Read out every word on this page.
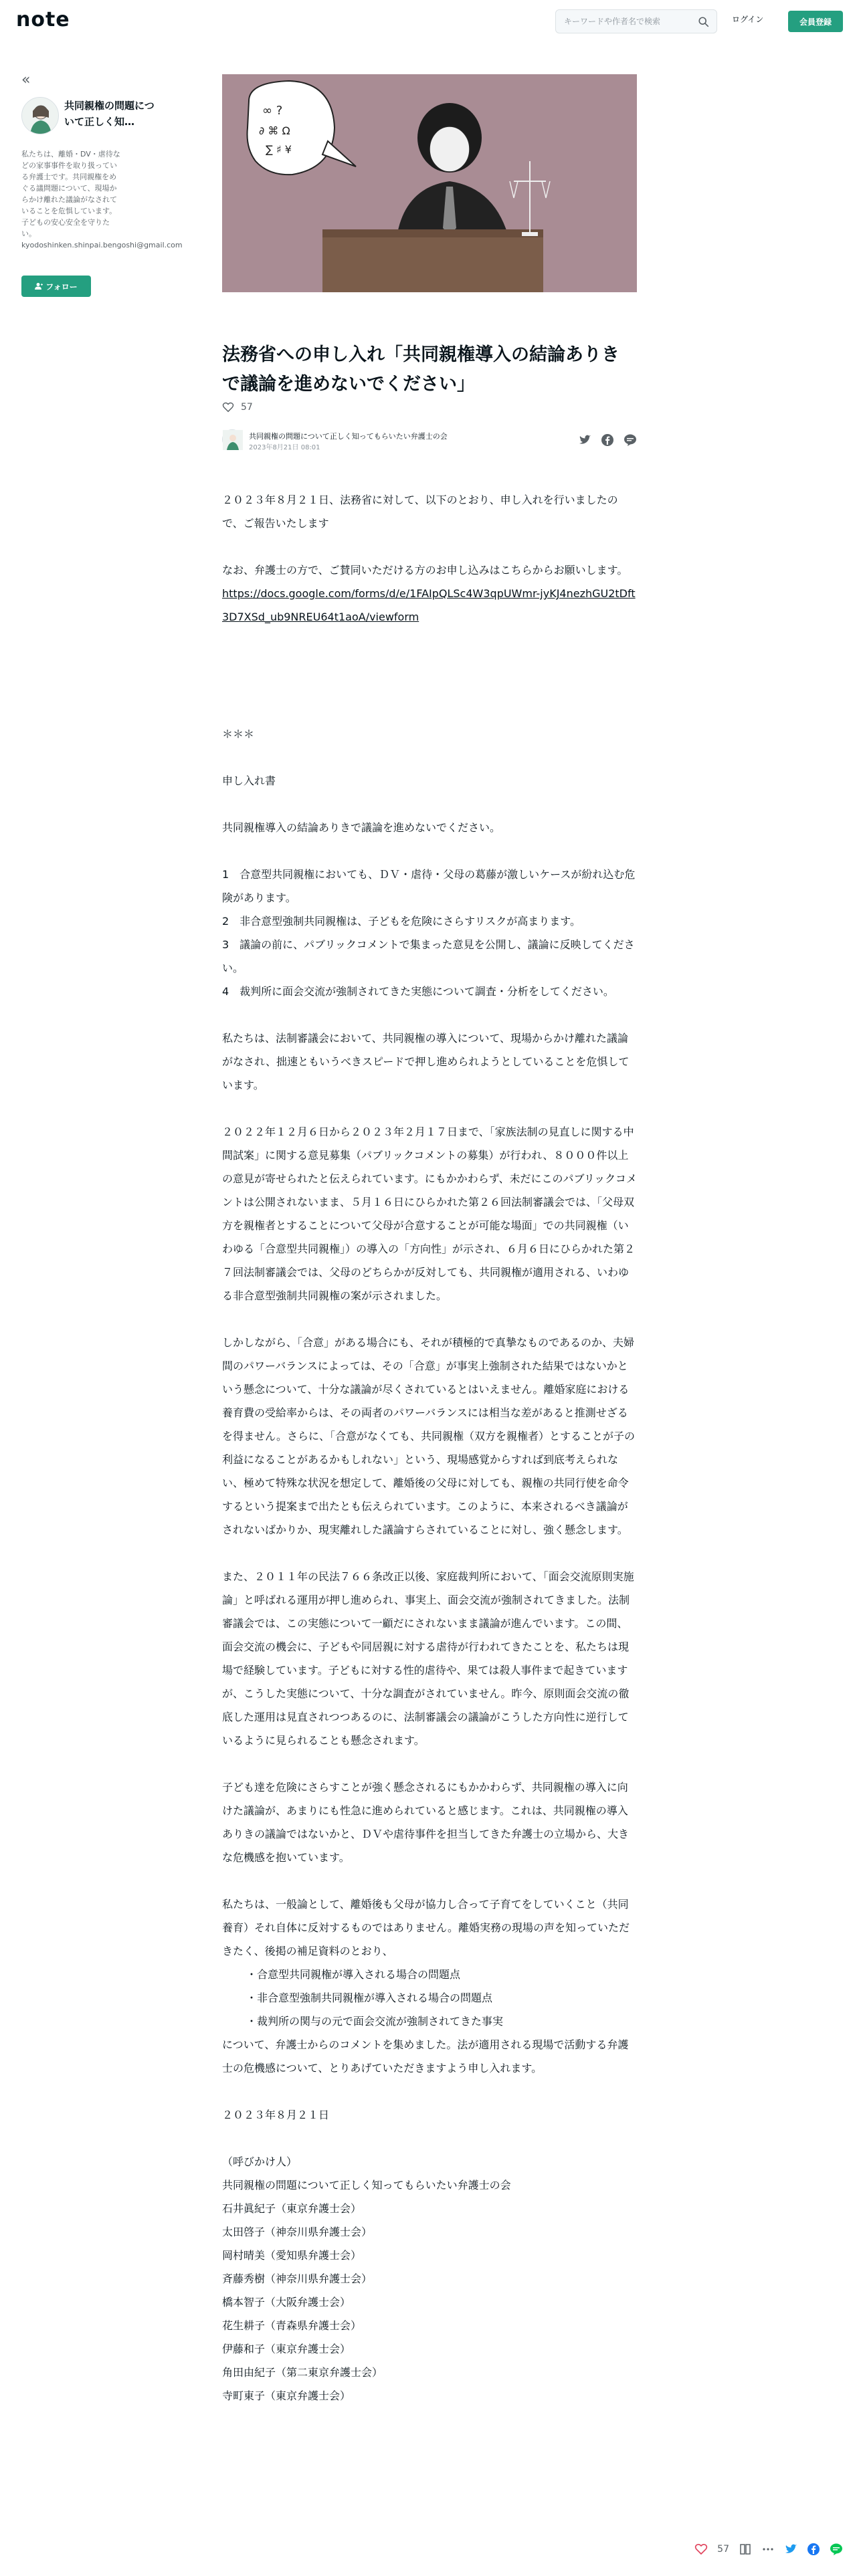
note
キーワードや作者名で検索	ログイン	会員登録
«
共同親権の問題について正しく知…
私たちは、離婚・DV・虐待などの家事事件を取り扱っている弁護士です。共同親権をめぐる議問題について、現場からかけ離れた議論がなされていることを危惧しています。子どもの安心安全を守りたい。kyodoshinken.shinpai.bengoshi@gmail.com
フォロー
∞ ?
∂ ⌘ Ω
∑ ♯ ¥
法務省への申し入れ「共同親権導入の結論ありきで議論を進めないでください」
57
共同親権の問題について正しく知ってもらいたい弁護士の会
2023年8月21日 08:01

２０２３年８月２１日、法務省に対して、以下のとおり、申し入れを行いましたので、ご報告いたします

なお、弁護士の方で、ご賛同いただける方のお申し込みはこちらからお願いします。

https://docs.google.com/forms/d/e/1FAIpQLSc4W3qpUWmr-jyKJ4nezhGU2tDft3D7XSd_ub9NREU64t1aoA/viewform

＊＊＊

申し入れ書

共同親権導入の結論ありきで議論を進めないでください。

1　合意型共同親権においても、ＤＶ・虐待・父母の葛藤が激しいケースが紛れ込む危険があります。

2　非合意型強制共同親権は、子どもを危険にさらすリスクが高まります。

3　議論の前に、パブリックコメントで集まった意見を公開し、議論に反映してください。

4　裁判所に面会交流が強制されてきた実態について調査・分析をしてください。

私たちは、法制審議会において、共同親権の導入について、現場からかけ離れた議論がなされ、拙速ともいうべきスピードで押し進められようとしていることを危惧しています。

２０２２年１２月６日から２０２３年２月１７日まで、「家族法制の見直しに関する中間試案」に関する意見募集（パブリックコメントの募集）が行われ、８０００件以上の意見が寄せられたと伝えられています。にもかかわらず、未だにこのパブリックコメントは公開されないまま、５月１６日にひらかれた第２６回法制審議会では、「父母双方を親権者とすることについて父母が合意することが可能な場面」での共同親権（いわゆる「合意型共同親権」）の導入の「方向性」が示され、６月６日にひらかれた第２７回法制審議会では、父母のどちらかが反対しても、共同親権が適用される、いわゆる非合意型強制共同親権の案が示されました。

しかしながら、「合意」がある場合にも、それが積極的で真摯なものであるのか、夫婦間のパワーバランスによっては、その「合意」が事実上強制された結果ではないかという懸念について、十分な議論が尽くされているとはいえません。離婚家庭における養育費の受給率からは、その両者のパワーバランスには相当な差があると推測せざるを得ません。さらに、「合意がなくても、共同親権（双方を親権者）とすることが子の利益になることがあるかもしれない」という、現場感覚からすれば到底考えられない、極めて特殊な状況を想定して、離婚後の父母に対しても、親権の共同行使を命令するという提案まで出たとも伝えられています。このように、本来されるべき議論がされないばかりか、現実離れした議論すらされていることに対し、強く懸念します。

また、２０１１年の民法７６６条改正以後、家庭裁判所において、「面会交流原則実施論」と呼ばれる運用が押し進められ、事実上、面会交流が強制されてきました。法制審議会では、この実態について一顧だにされないまま議論が進んでいます。この間、面会交流の機会に、子どもや同居親に対する虐待が行われてきたことを、私たちは現場で経験しています。子どもに対する性的虐待や、果ては殺人事件まで起きていますが、こうした実態について、十分な調査がされていません。昨今、原則面会交流の徹底した運用は見直されつつあるのに、法制審議会の議論がこうした方向性に逆行しているように見られることも懸念されます。

子ども達を危険にさらすことが強く懸念されるにもかかわらず、共同親権の導入に向けた議論が、あまりにも性急に進められていると感じます。これは、共同親権の導入ありきの議論ではないかと、ＤＶや虐待事件を担当してきた弁護士の立場から、大きな危機感を抱いています。

私たちは、一般論として、離婚後も父母が協力し合って子育てをしていくこと（共同養育）それ自体に反対するものではありません。離婚実務の現場の声を知っていただきたく、後掲の補足資料のとおり、

・合意型共同親権が導入される場合の問題点

・非合意型強制共同親権が導入される場合の問題点

・裁判所の関与の元で面会交流が強制されてきた事実

について、弁護士からのコメントを集めました。法が適用される現場で活動する弁護士の危機感について、とりあげていただきますよう申し入れます。

２０２３年８月２１日

（呼びかけ人）

共同親権の問題について正しく知ってもらいたい弁護士の会

石井眞紀子（東京弁護士会）

太田啓子（神奈川県弁護士会）

岡村晴美（愛知県弁護士会）

斉藤秀樹（神奈川県弁護士会）

橋本智子（大阪弁護士会）

花生耕子（青森県弁護士会）

伊藤和子（東京弁護士会）

角田由紀子（第二東京弁護士会）

寺町東子（東京弁護士会）

57
